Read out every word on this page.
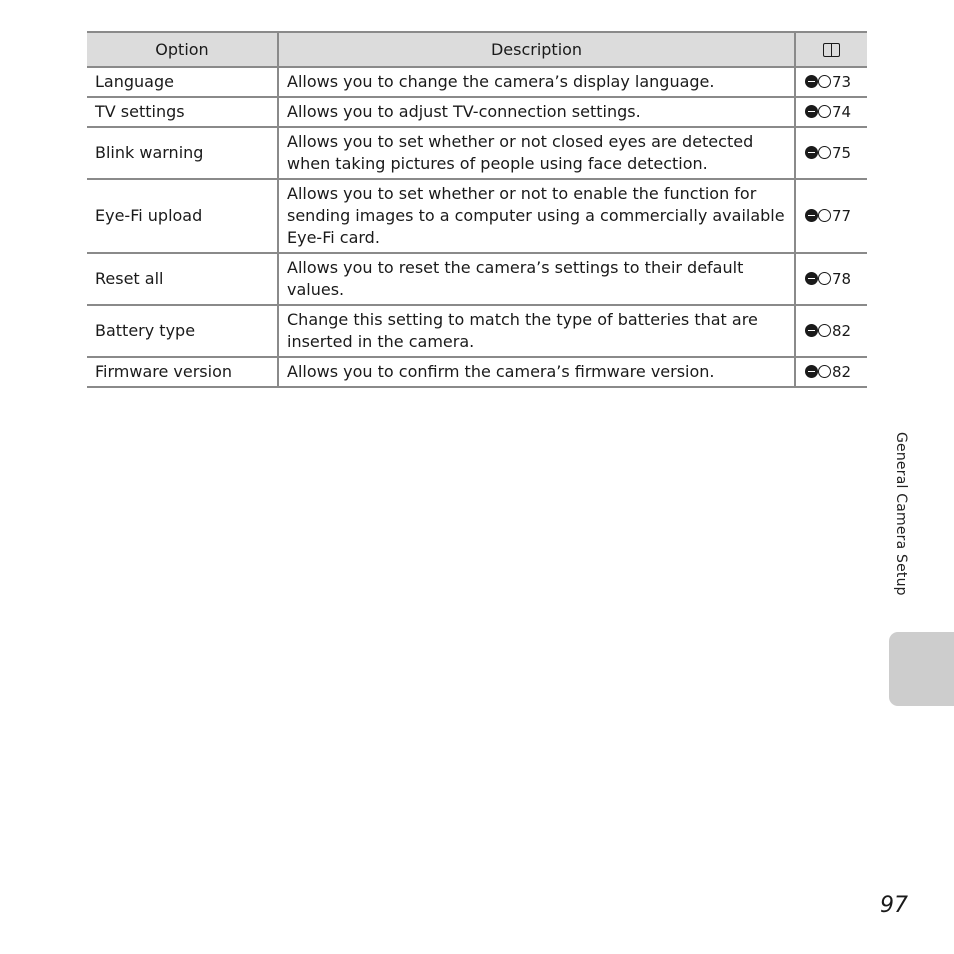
Option	Description	
Language	Allows you to change the camera’s display language.	73
TV settings	Allows you to adjust TV-connection settings.	74
Blink warning	Allows you to set whether or not closed eyes are detected when taking pictures of people using face detection.	75
Eye-Fi upload	Allows you to set whether or not to enable the function for sending images to a computer using a commercially available Eye-Fi card.	77
Reset all	Allows you to reset the camera’s settings to their default values.	78
Battery type	Change this setting to match the type of batteries that are inserted in the camera.	82
Firmware version	Allows you to confirm the camera’s firmware version.	82
General Camera Setup
97
